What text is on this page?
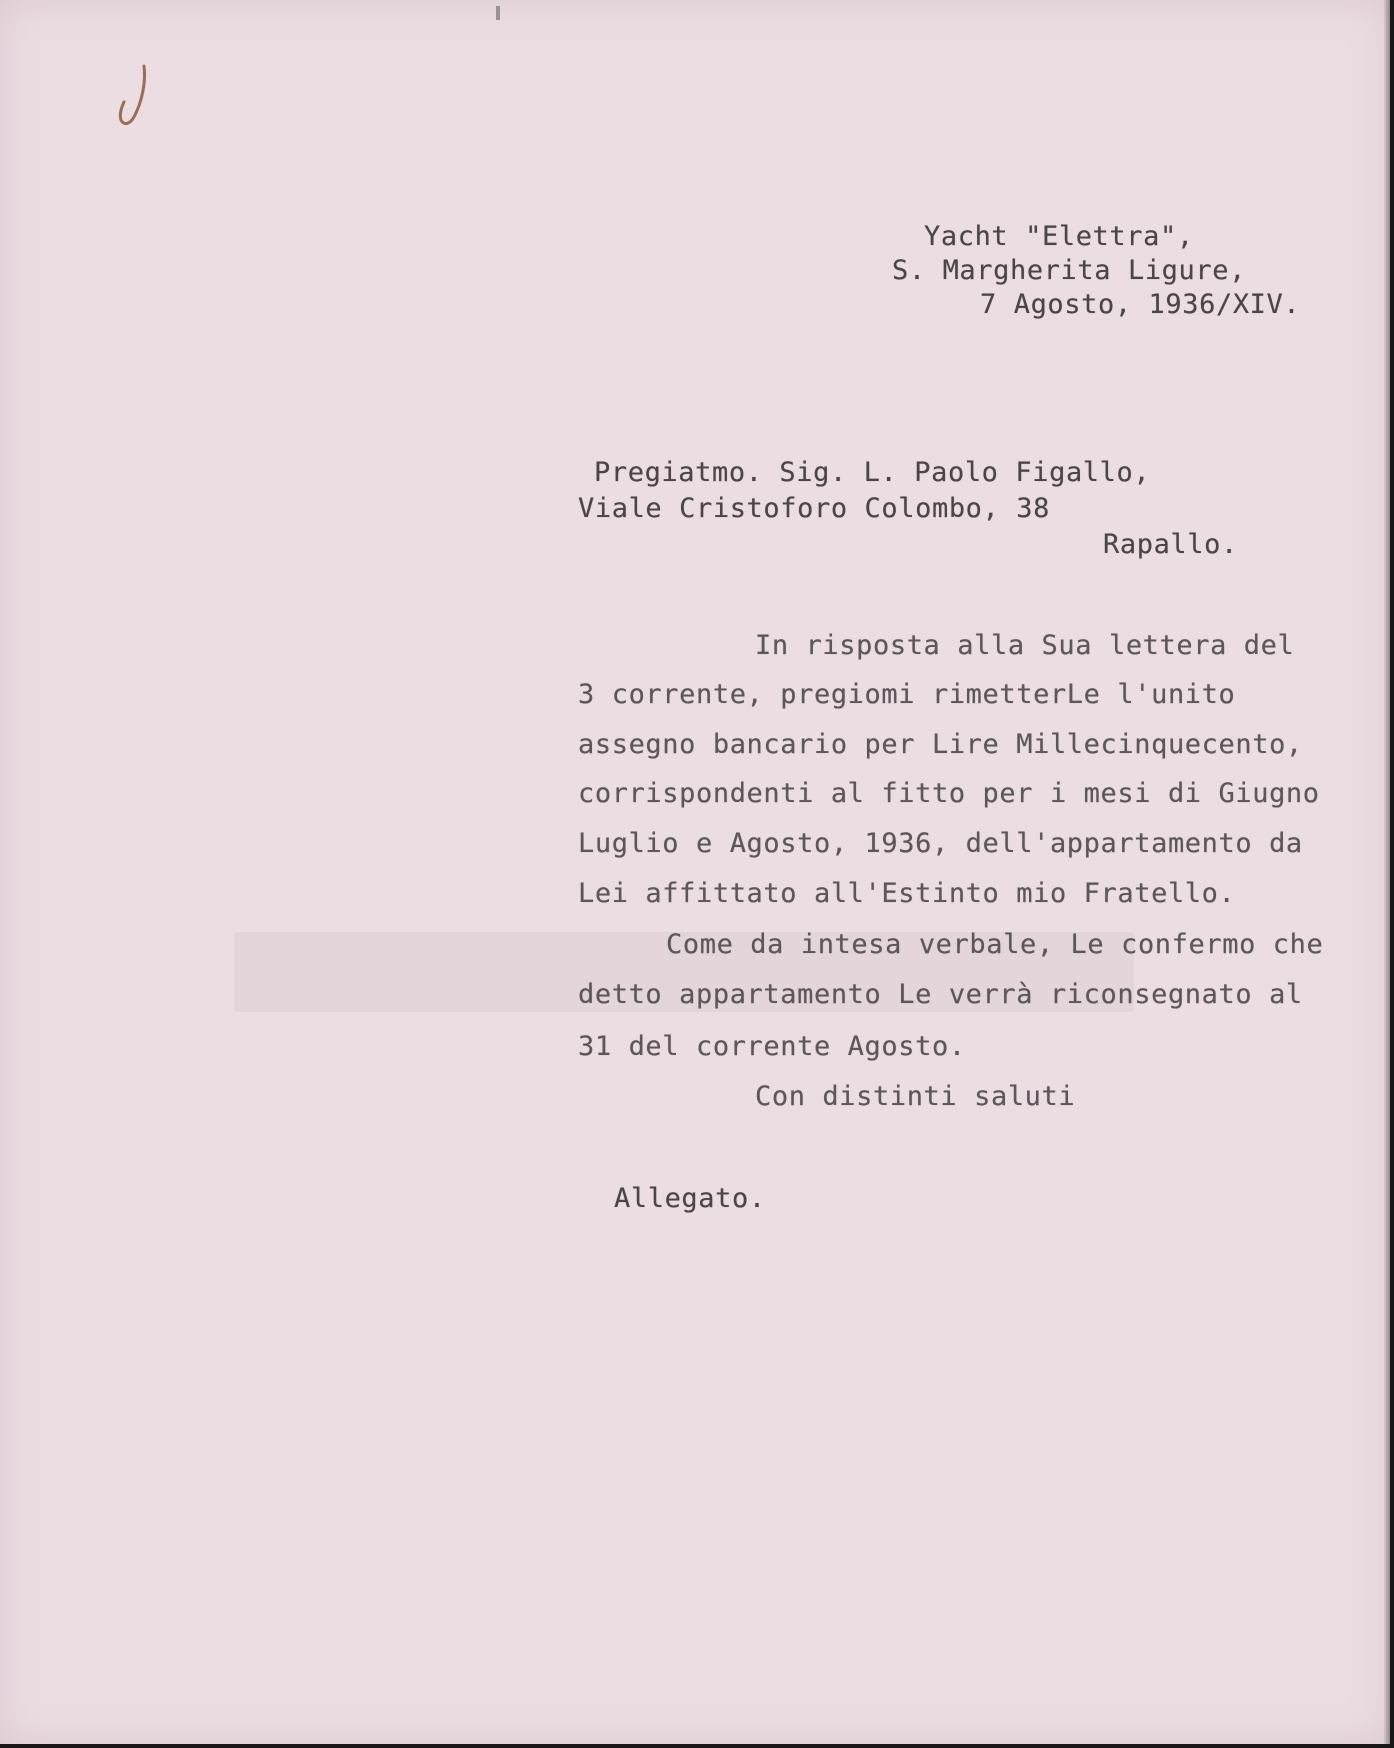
Yacht "Elettra",
S. Margherita Ligure,
7 Agosto, 1936/XIV.
Pregiatmo. Sig. L. Paolo Figallo,
Viale Cristoforo Colombo, 38
Rapallo.
In risposta alla Sua lettera del
3 corrente, pregiomi rimetterLe l'unito
assegno bancario per Lire Millecinquecento,
corrispondenti al fitto per i mesi di Giugno
Luglio e Agosto, 1936, dell'appartamento da
Lei affittato all'Estinto mio Fratello.
Come da intesa verbale, Le confermo che
detto appartamento Le verrà riconsegnato al
31 del corrente Agosto.
Con distinti saluti
Allegato.
